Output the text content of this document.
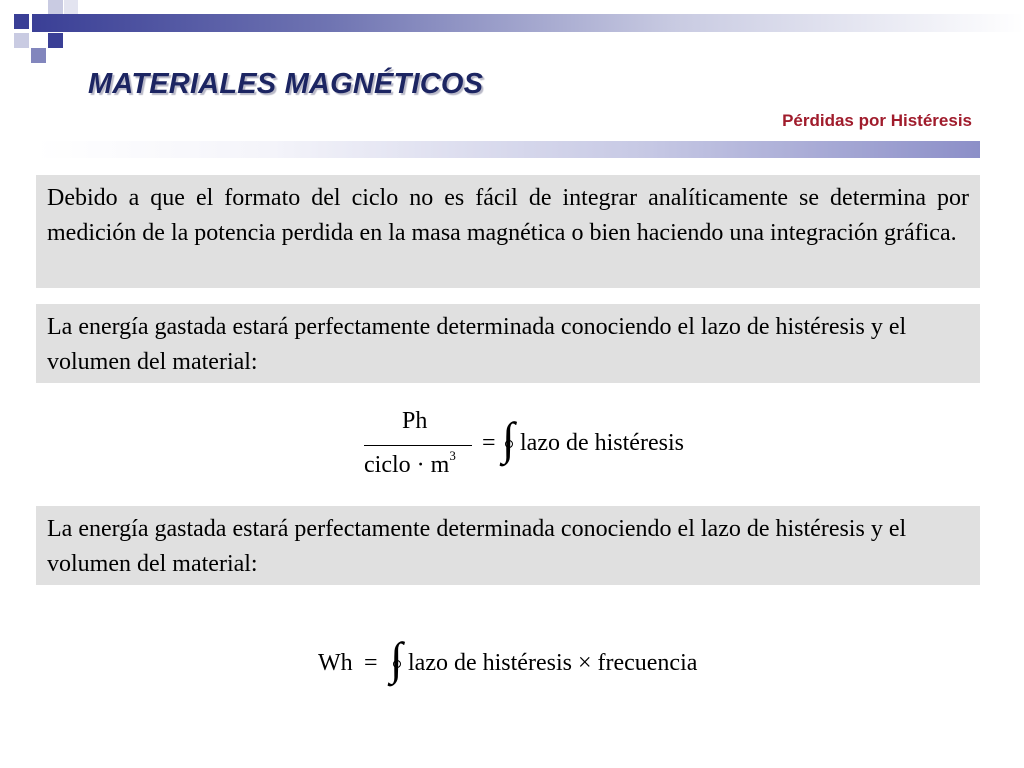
MATERIALES MAGNÉTICOS
Pérdidas por Histéresis
Debido a que el formato del ciclo no es fácil de integrar analíticamente se determina por medición de la potencia perdida en la masa magnética o bien haciendo una integración gráfica.
La energía gastada estará perfectamente determinada conociendo el lazo de histéresis y el volumen del material:
Ph
ciclo · $m^3$ = ∫ lazo de histéresis
La energía gastada estará perfectamente determinada conociendo el lazo de histéresis y el volumen del material:
Wh = ∫ lazo de histéresis × frecuencia
